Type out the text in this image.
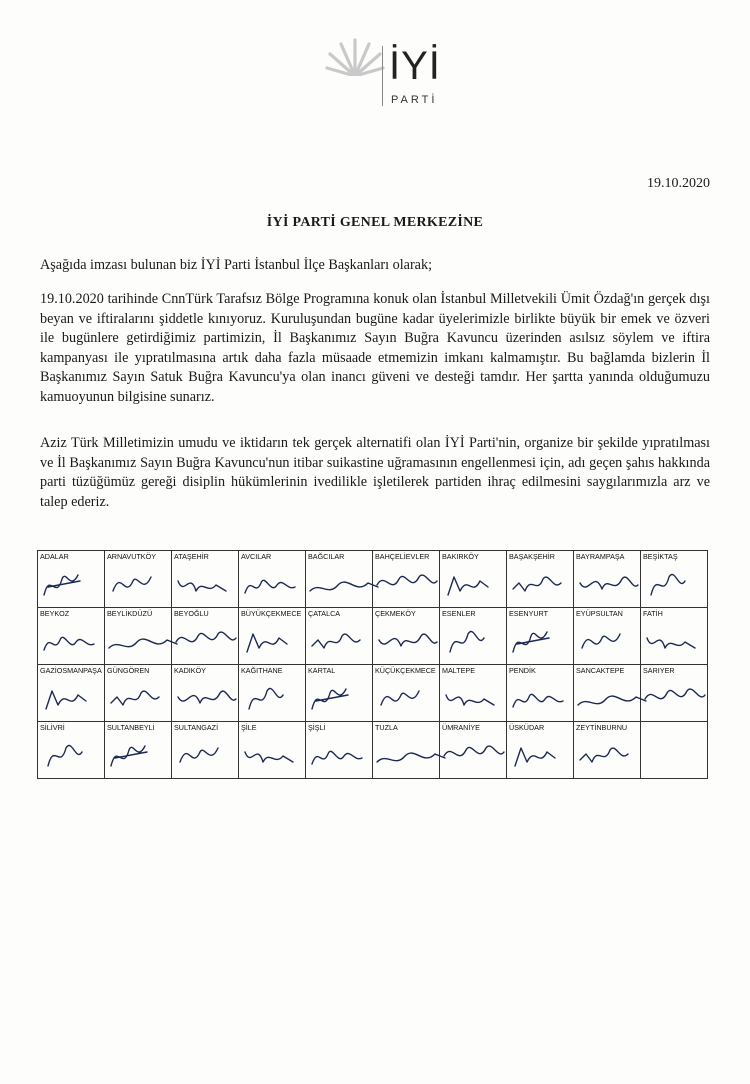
İYİ
PARTİ
19.10.2020
İYİ PARTİ GENEL MERKEZİNE
Aşağıda imzası bulunan biz İYİ Parti İstanbul İlçe Başkanları olarak;
19.10.2020 tarihinde CnnTürk Tarafsız Bölge Programına konuk olan İstanbul Milletvekili Ümit Özdağ'ın gerçek dışı beyan ve iftiralarını şiddetle kınıyoruz. Kuruluşundan bugüne kadar üyelerimizle birlikte büyük bir emek ve özveri ile bugünlere getirdiğimiz partimizin, İl Başkanımız Sayın Buğra Kavuncu üzerinden asılsız söylem ve iftira kampanyası ile yıpratılmasına artık daha fazla müsaade etmemizin imkanı kalmamıştır. Bu bağlamda bizlerin İl Başkanımız Sayın Satuk Buğra Kavuncu'ya olan inancı güveni ve desteği tamdır. Her şartta yanında olduğumuzu kamuoyunun bilgisine sunarız.
Aziz Türk Milletimizin umudu ve iktidarın tek gerçek alternatifi olan İYİ Parti'nin, organize bir şekilde yıpratılması ve İl Başkanımız Sayın Buğra Kavuncu'nun itibar suikastine uğramasının engellenmesi için, adı geçen şahıs hakkında parti tüzüğümüz gereği disiplin hükümlerinin ivedilikle işletilerek partiden ihraç edilmesini saygılarımızla arz ve talep ederiz.
ADALAR	ARNAVUTKÖY	ATAŞEHİR	AVCILAR	BAĞCILAR	BAHÇELİEVLER	BAKIRKÖY	BAŞAKŞEHİR	BAYRAMPAŞA	BEŞİKTAŞ

BEYKOZ	BEYLİKDÜZÜ	BEYOĞLU	BÜYÜKÇEKMECE	ÇATALCA	ÇEKMEKÖY	ESENLER	ESENYURT	EYÜPSULTAN	FATİH

GAZİOSMANPAŞA	GÜNGÖREN	KADIKÖY	KAĞITHANE	KARTAL	KÜÇÜKÇEKMECE	MALTEPE	PENDİK	SANCAKTEPE	SARIYER

SİLİVRİ	SULTANBEYLİ	SULTANGAZİ	ŞİLE	ŞİŞLİ	TUZLA	ÜMRANİYE	ÜSKÜDAR	ZEYTİNBURNU	
